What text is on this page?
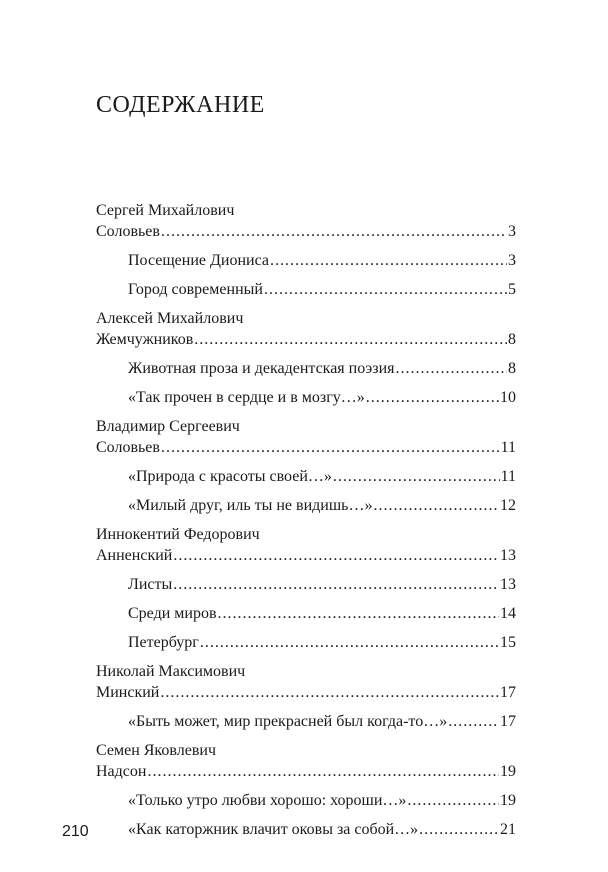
СОДЕРЖАНИЕ
Сергей Михайлович
Соловьев .....	3
Посещение Диониса .....	3
Город современный .....	5
Алексей Михайлович
Жемчужников .....	8
Животная проза и декадентская поэзия .....	8
«Так прочен в сердце и в мозгу…» .....	10
Владимир Сергеевич
Соловьев .....	11
«Природа с красоты своей…» .....	11
«Милый друг, иль ты не видишь…» .....	12
Иннокентий Федорович
Анненский .....	13
Листы .....	13
Среди миров .....	14
Петербург .....	15
Николай Максимович
Минский .....	17
«Быть может, мир прекрасней был когда-то…» .....	17
Семен Яковлевич
Надсон .....	19
«Только утро любви хорошо: хороши…» .....	19
«Как каторжник влачит оковы за собой…» .....	21
210
